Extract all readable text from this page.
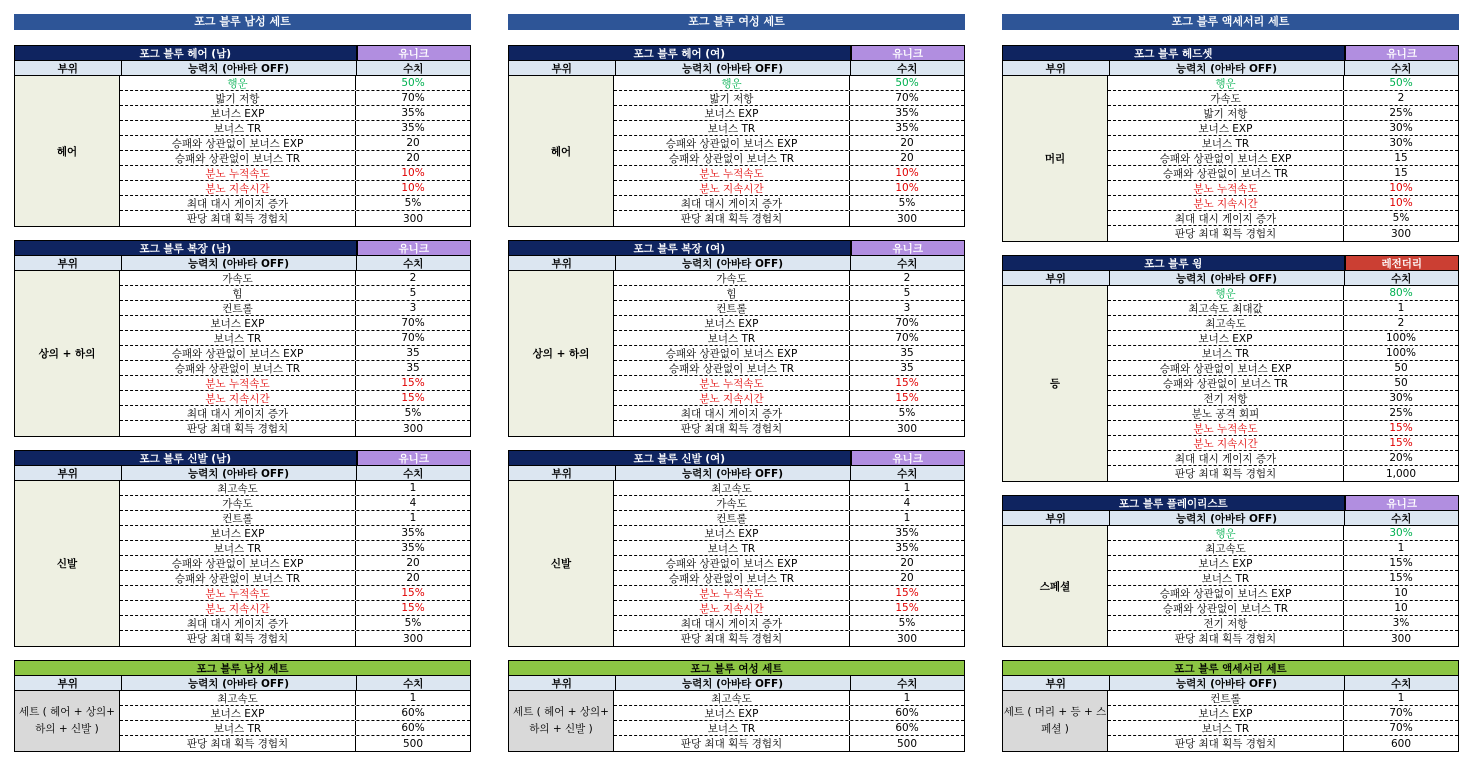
포그 블루 남성 세트
포그 블루 헤어 (남)	유니크
부위	능력치 (아바타 OFF)	수치
헤어
행운	50%
밟기 저항	70%
보너스 EXP	35%
보너스 TR	35%
승패와 상관없이 보너스 EXP	20
승패와 상관없이 보너스 TR	20
분노 누적속도	10%
분노 지속시간	10%
최대 대시 게이지 증가	5%
판당 최대 획득 경험치	300
포그 블루 복장 (남)	유니크
부위	능력치 (아바타 OFF)	수치
상의 + 하의
가속도	2
힘	5
컨트롤	3
보너스 EXP	70%
보너스 TR	70%
승패와 상관없이 보너스 EXP	35
승패와 상관없이 보너스 TR	35
분노 누적속도	15%
분노 지속시간	15%
최대 대시 게이지 증가	5%
판당 최대 획득 경험치	300
포그 블루 신발 (남)	유니크
부위	능력치 (아바타 OFF)	수치
신발
최고속도	1
가속도	4
컨트롤	1
보너스 EXP	35%
보너스 TR	35%
승패와 상관없이 보너스 EXP	20
승패와 상관없이 보너스 TR	20
분노 누적속도	15%
분노 지속시간	15%
최대 대시 게이지 증가	5%
판당 최대 획득 경험치	300
포그 블루 남성 세트
부위	능력치 (아바타 OFF)	수치
세트 ( 헤어 + 상의+ 하의 + 신발 )
최고속도	1
보너스 EXP	60%
보너스 TR	60%
판당 최대 획득 경험치	500
포그 블루 여성 세트
포그 블루 헤어 (여)	유니크
부위	능력치 (아바타 OFF)	수치
헤어
행운	50%
밟기 저항	70%
보너스 EXP	35%
보너스 TR	35%
승패와 상관없이 보너스 EXP	20
승패와 상관없이 보너스 TR	20
분노 누적속도	10%
분노 지속시간	10%
최대 대시 게이지 증가	5%
판당 최대 획득 경험치	300
포그 블루 복장 (여)	유니크
부위	능력치 (아바타 OFF)	수치
상의 + 하의
가속도	2
힘	5
컨트롤	3
보너스 EXP	70%
보너스 TR	70%
승패와 상관없이 보너스 EXP	35
승패와 상관없이 보너스 TR	35
분노 누적속도	15%
분노 지속시간	15%
최대 대시 게이지 증가	5%
판당 최대 획득 경험치	300
포그 블루 신발 (여)	유니크
부위	능력치 (아바타 OFF)	수치
신발
최고속도	1
가속도	4
컨트롤	1
보너스 EXP	35%
보너스 TR	35%
승패와 상관없이 보너스 EXP	20
승패와 상관없이 보너스 TR	20
분노 누적속도	15%
분노 지속시간	15%
최대 대시 게이지 증가	5%
판당 최대 획득 경험치	300
포그 블루 여성 세트
부위	능력치 (아바타 OFF)	수치
세트 ( 헤어 + 상의+ 하의 + 신발 )
최고속도	1
보너스 EXP	60%
보너스 TR	60%
판당 최대 획득 경험치	500
포그 블루 액세서리 세트
포그 블루 헤드셋	유니크
부위	능력치 (아바타 OFF)	수치
머리
행운	50%
가속도	2
밟기 저항	25%
보너스 EXP	30%
보너스 TR	30%
승패와 상관없이 보너스 EXP	15
승패와 상관없이 보너스 TR	15
분노 누적속도	10%
분노 지속시간	10%
최대 대시 게이지 증가	5%
판당 최대 획득 경험치	300
포그 블루 윙	레전더리
부위	능력치 (아바타 OFF)	수치
등
행운	80%
최고속도 최대값	1
최고속도	2
보너스 EXP	100%
보너스 TR	100%
승패와 상관없이 보너스 EXP	50
승패와 상관없이 보너스 TR	50
전기 저항	30%
분노 공격 회피	25%
분노 누적속도	15%
분노 지속시간	15%
최대 대시 게이지 증가	20%
판당 최대 획득 경험치	1,000
포그 블루 플레이리스트	유니크
부위	능력치 (아바타 OFF)	수치
스페셜
행운	30%
최고속도	1
보너스 EXP	15%
보너스 TR	15%
승패와 상관없이 보너스 EXP	10
승패와 상관없이 보너스 TR	10
전기 저항	3%
판당 최대 획득 경험치	300
포그 블루 액세서리 세트
부위	능력치 (아바타 OFF)	수치
세트 ( 머리 + 등 + 스페셜 )
컨트롤	1
보너스 EXP	70%
보너스 TR	70%
판당 최대 획득 경험치	600
